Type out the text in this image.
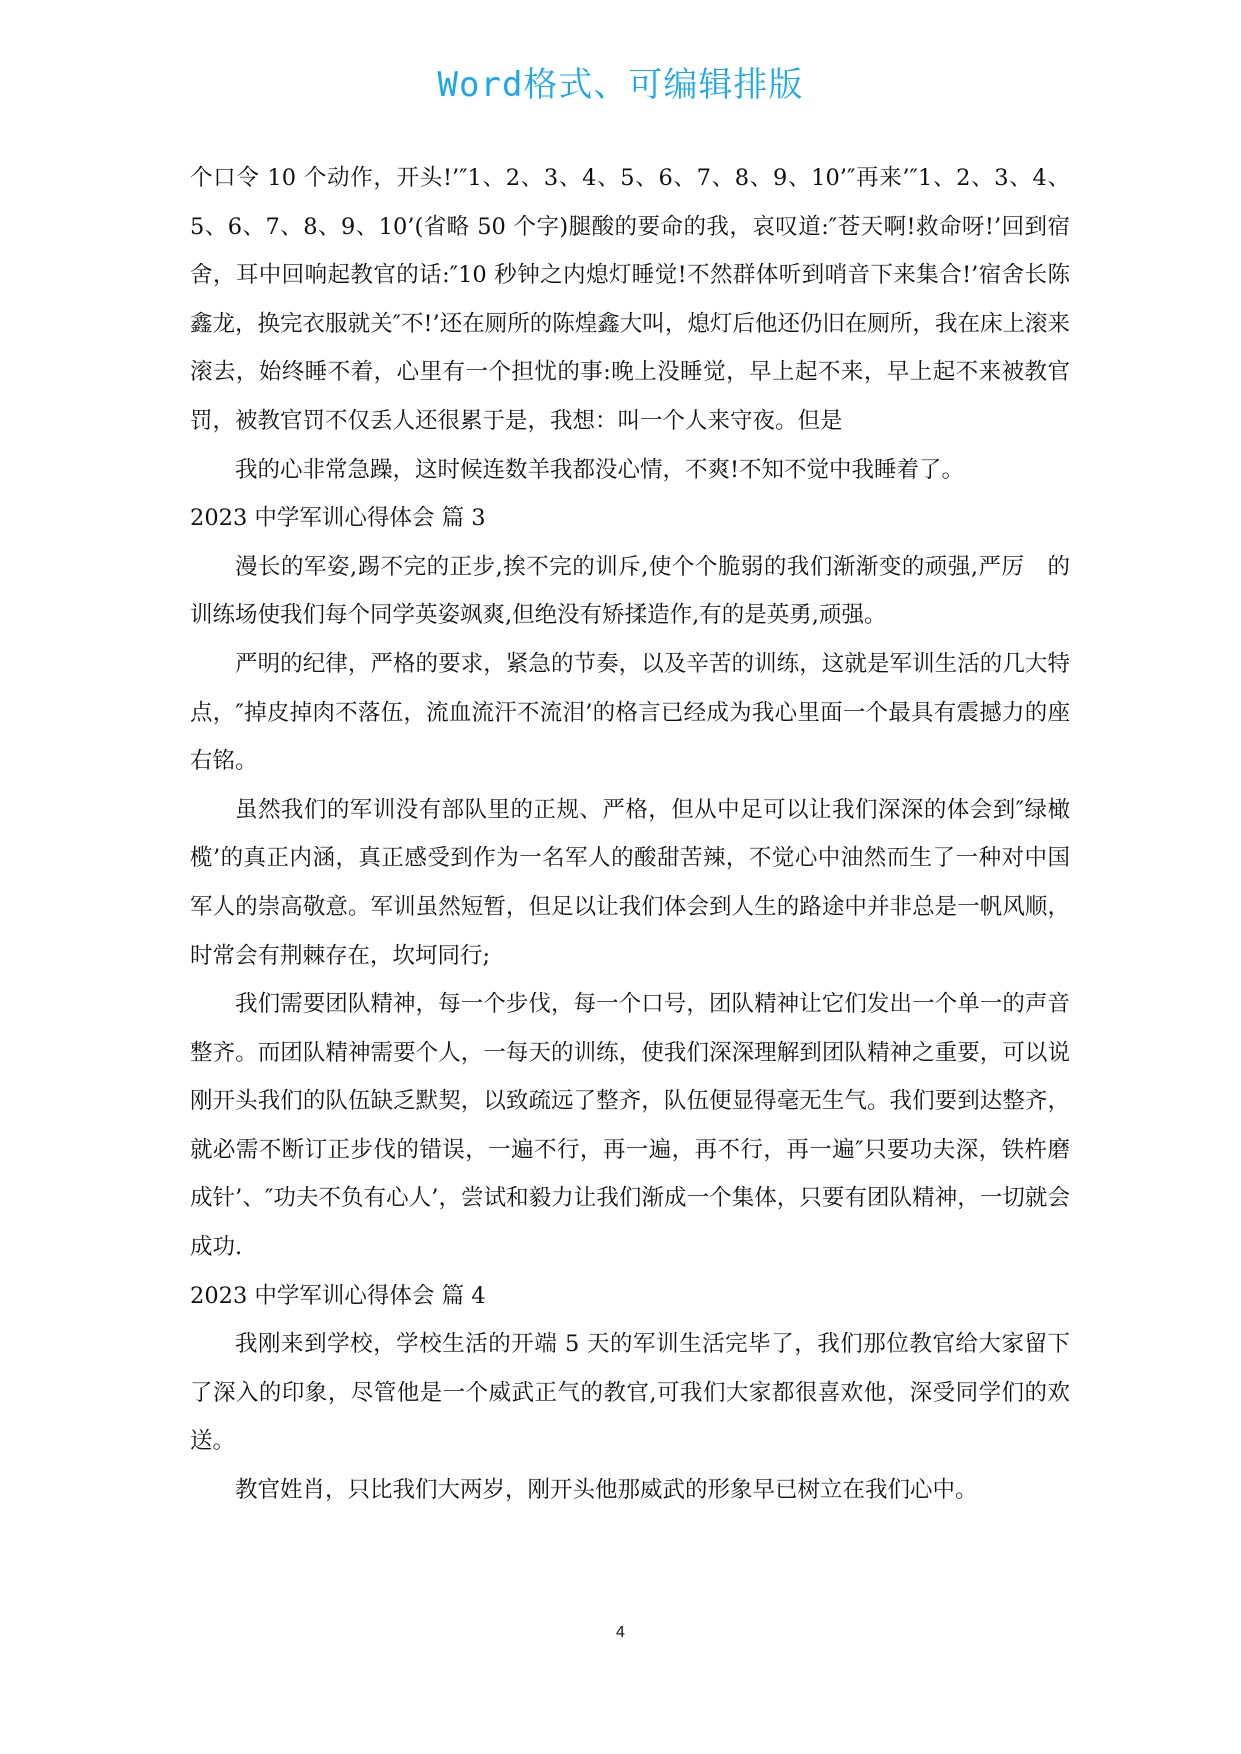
Word格式、可编辑排版

个口令 10 个动作，开头!’″1、2、3、4、5、6、7、8、9、10’″再来’″1、2、3、4、5、6、7、8、9、10’(省略 50 个字)腿酸的要命的我，哀叹道:″苍天啊!救命呀!’回到宿舍，耳中回响起教官的话:″10 秒钟之内熄灯睡觉!不然群体听到哨音下来集合!’宿舍长陈鑫龙，换完衣服就关″不!’还在厕所的陈煌鑫大叫，熄灯后他还仍旧在厕所，我在床上滚来滚去，始终睡不着，心里有一个担忧的事:晚上没睡觉，早上起不来，早上起不来被教官罚，被教官罚不仅丢人还很累于是，我想：叫一个人来守夜。但是

我的心非常急躁，这时候连数羊我都没心情，不爽!不知不觉中我睡着了。

2023 中学军训心得体会 篇 3

漫长的军姿,踢不完的正步,挨不完的训斥,使个个脆弱的我们渐渐变的顽强,严厉　的训练场使我们每个同学英姿飒爽,但绝没有矫揉造作,有的是英勇,顽强。

严明的纪律，严格的要求，紧急的节奏，以及辛苦的训练，这就是军训生活的几大特点，″掉皮掉肉不落伍，流血流汗不流泪’的格言已经成为我心里面一个最具有震撼力的座右铭。

虽然我们的军训没有部队里的正规、严格，但从中足可以让我们深深的体会到″绿橄榄’的真正内涵，真正感受到作为一名军人的酸甜苦辣，不觉心中油然而生了一种对中国军人的崇高敬意。军训虽然短暂，但足以让我们体会到人生的路途中并非总是一帆风顺，时常会有荆棘存在，坎坷同行;

我们需要团队精神，每一个步伐，每一个口号，团队精神让它们发出一个单一的声音整齐。而团队精神需要个人，一每天的训练，使我们深深理解到团队精神之重要，可以说刚开头我们的队伍缺乏默契，以致疏远了整齐，队伍便显得毫无生气。我们要到达整齐，就必需不断订正步伐的错误，一遍不行，再一遍，再不行，再一遍″只要功夫深，铁杵磨成针’、″功夫不负有心人’，尝试和毅力让我们渐成一个集体，只要有团队精神，一切就会成功.

2023 中学军训心得体会 篇 4

我刚来到学校，学校生活的开端 5 天的军训生活完毕了，我们那位教官给大家留下了深入的印象，尽管他是一个威武正气的教官,可我们大家都很喜欢他，深受同学们的欢送。

教官姓肖，只比我们大两岁，刚开头他那威武的形象早已树立在我们心中。

4
